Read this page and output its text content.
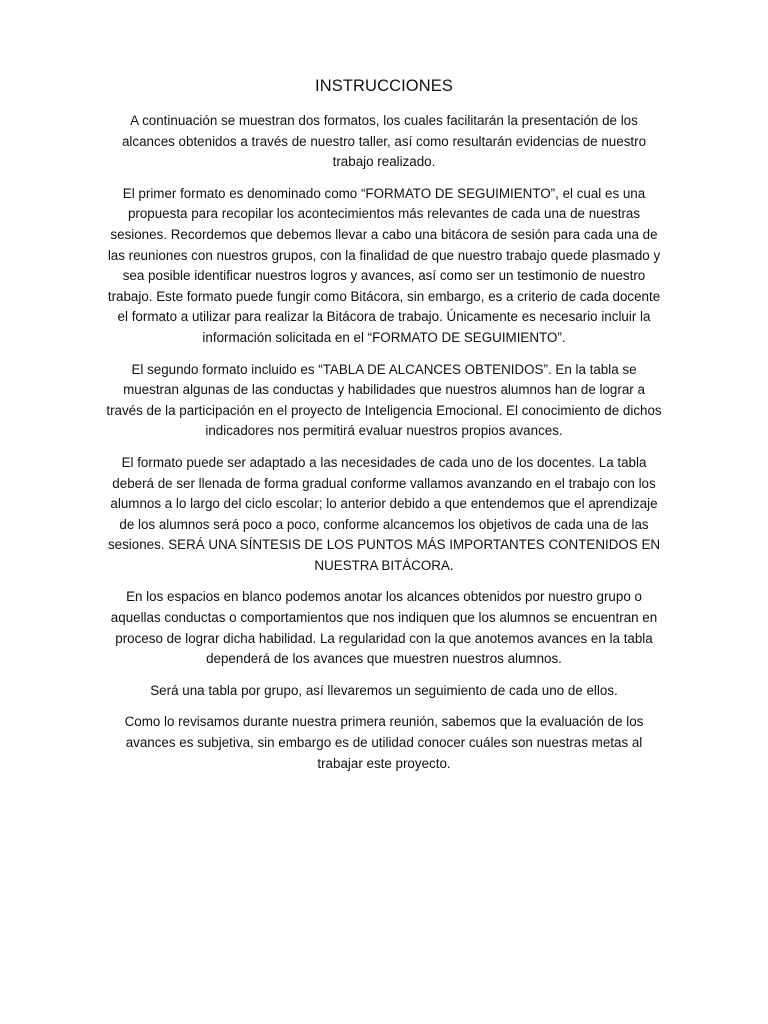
INSTRUCCIONES

A continuación se muestran dos formatos, los cuales facilitarán la presentación de los alcances obtenidos a través de nuestro taller, así como resultarán evidencias de nuestro trabajo realizado.

El primer formato es denominado como “FORMATO DE SEGUIMIENTO”, el cual es una propuesta para recopilar los acontecimientos más relevantes de cada una de nuestras sesiones. Recordemos que debemos llevar a cabo una bitácora de sesión para cada una de las reuniones con nuestros grupos, con la finalidad de que nuestro trabajo quede plasmado y sea posible identificar nuestros logros y avances, así como ser un testimonio de nuestro trabajo. Este formato puede fungir como Bitácora, sin embargo, es a criterio de cada docente el formato a utilizar para realizar la Bitácora de trabajo. Únicamente es necesario incluir la información solicitada en el “FORMATO DE SEGUIMIENTO”.

El segundo formato incluido es “TABLA DE ALCANCES OBTENIDOS”. En la tabla se muestran algunas de las conductas y habilidades que nuestros alumnos han de lograr a través de la participación en el proyecto de Inteligencia Emocional. El conocimiento de dichos indicadores nos permitirá evaluar nuestros propios avances.

El formato puede ser adaptado a las necesidades de cada uno de los docentes. La tabla deberá de ser llenada de forma gradual conforme vallamos avanzando en el trabajo con los alumnos a lo largo del ciclo escolar; lo anterior debido a que entendemos que el aprendizaje de los alumnos será poco a poco, conforme alcancemos los objetivos de cada una de las sesiones. SERÁ UNA SÍNTESIS DE LOS PUNTOS MÁS IMPORTANTES CONTENIDOS EN NUESTRA BITÁCORA.

En los espacios en blanco podemos anotar los alcances obtenidos por nuestro grupo o aquellas conductas o comportamientos que nos indiquen que los alumnos se encuentran en proceso de lograr dicha habilidad. La regularidad con la que anotemos avances en la tabla dependerá de los avances que muestren nuestros alumnos.

Será una tabla por grupo, así llevaremos un seguimiento de cada uno de ellos.

Como lo revisamos durante nuestra primera reunión, sabemos que la evaluación de los avances es subjetiva, sin embargo es de utilidad conocer cuáles son nuestras metas al trabajar este proyecto.
